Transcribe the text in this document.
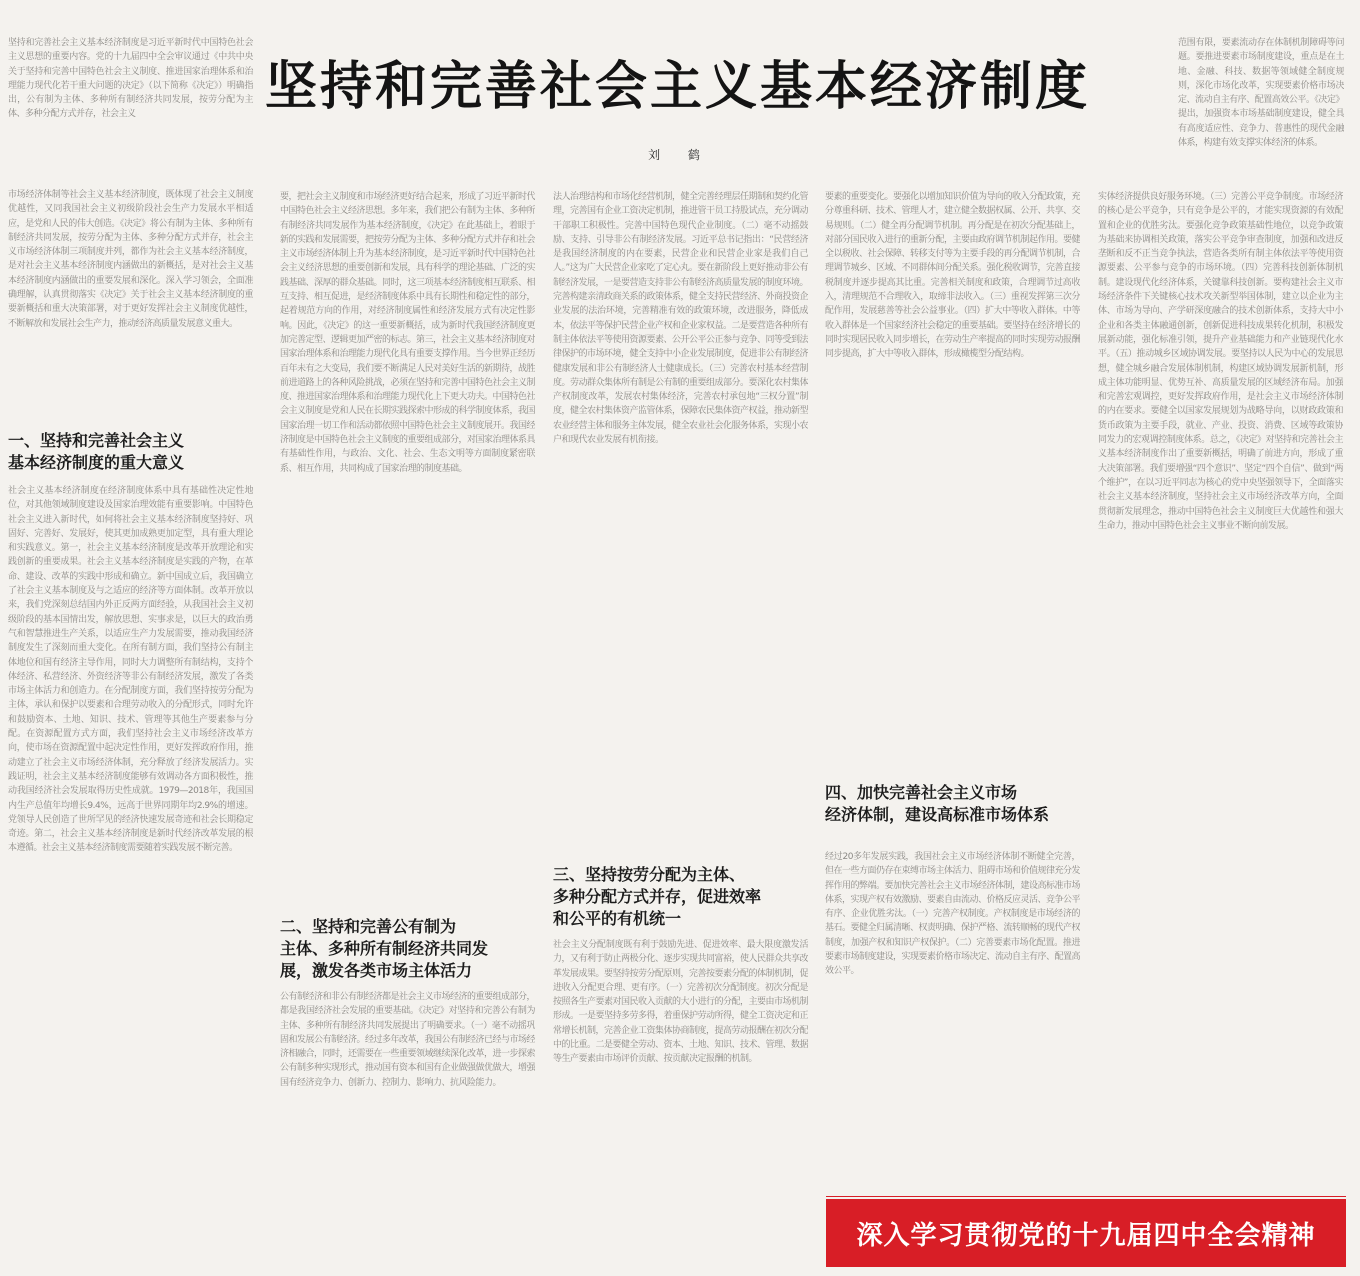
坚持和完善社会主义基本经济制度
刘 鹤
坚持和完善社会主义基本经济制度是习近平新时代中国特色社会主义思想的重要内容。党的十九届四中全会审议通过《中共中央关于坚持和完善中国特色社会主义制度、推进国家治理体系和治理能力现代化若干重大问题的决定》（以下简称《决定》）明确指出，公有制为主体、多种所有制经济共同发展，按劳分配为主体、多种分配方式并存，社会主义
市场经济体制等社会主义基本经济制度，既体现了社会主义制度优越性，又同我国社会主义初级阶段社会生产力发展水平相适应，是党和人民的伟大创造。《决定》将公有制为主体、多种所有制经济共同发展，按劳分配为主体、多种分配方式并存，社会主义市场经济体制三项制度并列，都作为社会主义基本经济制度，是对社会主义基本经济制度内涵做出的新概括，是对社会主义基本经济制度内涵做出的重要发展和深化。深入学习领会，全面准确理解，认真贯彻落实《决定》关于社会主义基本经济制度的重要新概括和重大决策部署，对于更好发挥社会主义制度优越性，不断解放和发展社会生产力，推动经济高质量发展意义重大。
一、坚持和完善社会主义
基本经济制度的重大意义
社会主义基本经济制度在经济制度体系中具有基础性决定性地位，对其他领域制度建设及国家治理效能有重要影响。中国特色社会主义进入新时代，如何将社会主义基本经济制度坚持好、巩固好、完善好、发展好，使其更加成熟更加定型，具有重大理论和实践意义。第一，社会主义基本经济制度是改革开放理论和实践创新的重要成果。社会主义基本经济制度是实践的产物，在革命、建设、改革的实践中形成和确立。新中国成立后，我国确立了社会主义基本制度及与之适应的经济等方面体制。改革开放以来，我们党深刻总结国内外正反两方面经验，从我国社会主义初级阶段的基本国情出发，解放思想、实事求是，以巨大的政治勇气和智慧推进生产关系，以适应生产力发展需要，推动我国经济制度发生了深刻而重大变化。在所有制方面，我们坚持公有制主体地位和国有经济主导作用，同时大力调整所有制结构，支持个体经济、私营经济、外资经济等非公有制经济发展，激发了各类市场主体活力和创造力。在分配制度方面，我们坚持按劳分配为主体，承认和保护以要素和合理劳动收入的分配形式，同时允许和鼓励资本、土地、知识、技术、管理等其他生产要素参与分配。在资源配置方式方面，我们坚持社会主义市场经济改革方向，使市场在资源配置中起决定性作用，更好发挥政府作用，推动建立了社会主义市场经济体制，充分释放了经济发展活力。实践证明，社会主义基本经济制度能够有效调动各方面积极性，推动我国经济社会发展取得历史性成就。1979—2018年，我国国内生产总值年均增长9.4%，远高于世界同期年均2.9%的增速。党领导人民创造了世所罕见的经济快速发展奇迹和社会长期稳定奇迹。第二，社会主义基本经济制度是新时代经济改革发展的根本遵循。社会主义基本经济制度需要随着实践发展不断完善。
要，把社会主义制度和市场经济更好结合起来，形成了习近平新时代中国特色社会主义经济思想。多年来，我们把公有制为主体、多种所有制经济共同发展作为基本经济制度，《决定》在此基础上，着眼于新的实践和发展需要，把按劳分配为主体、多种分配方式并存和社会主义市场经济体制上升为基本经济制度，是习近平新时代中国特色社会主义经济思想的重要创新和发展，具有科学的理论基础、广泛的实践基础、深厚的群众基础。同时，这三项基本经济制度相互联系、相互支持、相互促进，是经济制度体系中具有长期性和稳定性的部分，起着规范方向的作用，对经济制度属性和经济发展方式有决定性影响。因此，《决定》的这一重要新概括，成为新时代我国经济制度更加完善定型、逻辑更加严密的标志。第三，社会主义基本经济制度对国家治理体系和治理能力现代化具有重要支撑作用。当今世界正经历百年未有之大变局，我们要不断满足人民对美好生活的新期待，战胜前进道路上的各种风险挑战，必须在坚持和完善中国特色社会主义制度、推进国家治理体系和治理能力现代化上下更大功夫。中国特色社会主义制度是党和人民在长期实践探索中形成的科学制度体系，我国国家治理一切工作和活动都依照中国特色社会主义制度展开。我国经济制度是中国特色社会主义制度的重要组成部分，对国家治理体系具有基础性作用，与政治、文化、社会、生态文明等方面制度紧密联系、相互作用，共同构成了国家治理的制度基础。
二、坚持和完善公有制为
主体、多种所有制经济共同发
展，激发各类市场主体活力
公有制经济和非公有制经济都是社会主义市场经济的重要组成部分，都是我国经济社会发展的重要基础。《决定》对坚持和完善公有制为主体、多种所有制经济共同发展提出了明确要求。（一）毫不动摇巩固和发展公有制经济。经过多年改革，我国公有制经济已经与市场经济相融合，同时，还需要在一些重要领域继续深化改革，进一步探索公有制多种实现形式，推动国有资本和国有企业做强做优做大，增强国有经济竞争力、创新力、控制力、影响力、抗风险能力。
法人治理结构和市场化经营机制，健全完善经理层任期制和契约化管理，完善国有企业工资决定机制，推进管干员工持股试点，充分调动干部职工积极性。完善中国特色现代企业制度。（二）毫不动摇鼓励、支持、引导非公有制经济发展。习近平总书记指出：“民营经济是我国经济制度的内在要素，民营企业和民营企业家是我们自己人。”这为广大民营企业家吃了定心丸。要在新阶段上更好推动非公有制经济发展，一是要营造支持非公有制经济高质量发展的制度环境。完善构建亲清政商关系的政策体系，健全支持民营经济、外商投资企业发展的法治环境，完善精准有效的政策环境，改进服务，降低成本，依法平等保护民营企业产权和企业家权益。二是要营造各种所有制主体依法平等使用资源要素、公开公平公正参与竞争、同等受到法律保护的市场环境，健全支持中小企业发展制度，促进非公有制经济健康发展和非公有制经济人士健康成长。（三）完善农村基本经营制度。劳动群众集体所有制是公有制的重要组成部分。要深化农村集体产权制度改革，发展农村集体经济，完善农村承包地“三权分置”制度，健全农村集体资产监管体系，保障农民集体资产权益，推动新型农业经营主体和服务主体发展，健全农业社会化服务体系，实现小农户和现代农业发展有机衔接。
三、坚持按劳分配为主体、
多种分配方式并存，促进效率
和公平的有机统一
社会主义分配制度既有利于鼓励先进、促进效率、最大限度激发活力，又有利于防止两极分化、逐步实现共同富裕，使人民群众共享改革发展成果。要坚持按劳分配原则，完善按要素分配的体制机制，促进收入分配更合理、更有序。（一）完善初次分配制度。初次分配是按照各生产要素对国民收入贡献的大小进行的分配，主要由市场机制形成。一是要坚持多劳多得，着重保护劳动所得，健全工资决定和正常增长机制，完善企业工资集体协商制度，提高劳动报酬在初次分配中的比重。二是要健全劳动、资本、土地、知识、技术、管理、数据等生产要素由市场评价贡献、按贡献决定报酬的机制。
要素的重要变化。要强化以增加知识价值为导向的收入分配政策，充分尊重科研、技术、管理人才，建立健全数据权属、公开、共享、交易规则。（二）健全再分配调节机制。再分配是在初次分配基础上，对部分国民收入进行的重新分配，主要由政府调节机制起作用。要健全以税收、社会保障、转移支付等为主要手段的再分配调节机制，合理调节城乡、区域、不同群体间分配关系。强化税收调节，完善直接税制度并逐步提高其比重。完善相关制度和政策，合理调节过高收入，清理规范不合理收入，取缔非法收入。（三）重视发挥第三次分配作用，发展慈善等社会公益事业。（四）扩大中等收入群体。中等收入群体是一个国家经济社会稳定的重要基础。要坚持在经济增长的同时实现居民收入同步增长，在劳动生产率提高的同时实现劳动报酬同步提高，扩大中等收入群体，形成橄榄型分配结构。
四、加快完善社会主义市场
经济体制，建设高标准市场体系
经过20多年发展实践，我国社会主义市场经济体制不断健全完善，但在一些方面仍存在束缚市场主体活力、阻碍市场和价值规律充分发挥作用的弊端。要加快完善社会主义市场经济体制，建设高标准市场体系，实现产权有效激励、要素自由流动、价格反应灵活、竞争公平有序、企业优胜劣汰。（一）完善产权制度。产权制度是市场经济的基石。要健全归属清晰、权责明确、保护严格、流转顺畅的现代产权制度，加强产权和知识产权保护。（二）完善要素市场化配置。推进要素市场制度建设，实现要素价格市场决定、流动自主有序、配置高效公平。
范围有限，要素流动存在体制机制障碍等问题。要推进要素市场制度建设，重点是在土地、金融、科技、数据等领域健全制度规则，深化市场化改革，实现要素价格市场决定、流动自主有序、配置高效公平。《决定》提出，加强资本市场基础制度建设，健全具有高度适应性、竞争力、普惠性的现代金融体系，构建有效支撑实体经济的体系。
实体经济提供良好服务环境。（三）完善公平竞争制度。市场经济的核心是公平竞争，只有竞争是公平的，才能实现资源的有效配置和企业的优胜劣汰。要强化竞争政策基础性地位，以竞争政策为基础来协调相关政策，落实公平竞争审查制度，加强和改进反垄断和反不正当竞争执法，营造各类所有制主体依法平等使用资源要素、公平参与竞争的市场环境。（四）完善科技创新体制机制。建设现代化经济体系，关键靠科技创新。要构建社会主义市场经济条件下关键核心技术攻关新型举国体制，建立以企业为主体、市场为导向、产学研深度融合的技术创新体系，支持大中小企业和各类主体融通创新，创新促进科技成果转化机制，积极发展新动能，强化标准引领，提升产业基础能力和产业链现代化水平。（五）推动城乡区域协调发展。要坚持以人民为中心的发展思想，健全城乡融合发展体制机制，构建区域协调发展新机制，形成主体功能明显、优势互补、高质量发展的区域经济布局。加强和完善宏观调控，更好发挥政府作用，是社会主义市场经济体制的内在要求。要健全以国家发展规划为战略导向，以财政政策和货币政策为主要手段，就业、产业、投资、消费、区域等政策协同发力的宏观调控制度体系。总之，《决定》对坚持和完善社会主义基本经济制度作出了重要新概括，明确了前进方向，形成了重大决策部署。我们要增强“四个意识”、坚定“四个自信”、做到“两个维护”，在以习近平同志为核心的党中央坚强领导下，全面落实社会主义基本经济制度，坚持社会主义市场经济改革方向，全面贯彻新发展理念，推动中国特色社会主义制度巨大优越性和强大生命力，推动中国特色社会主义事业不断向前发展。
深入学习贯彻党的十九届四中全会精神
